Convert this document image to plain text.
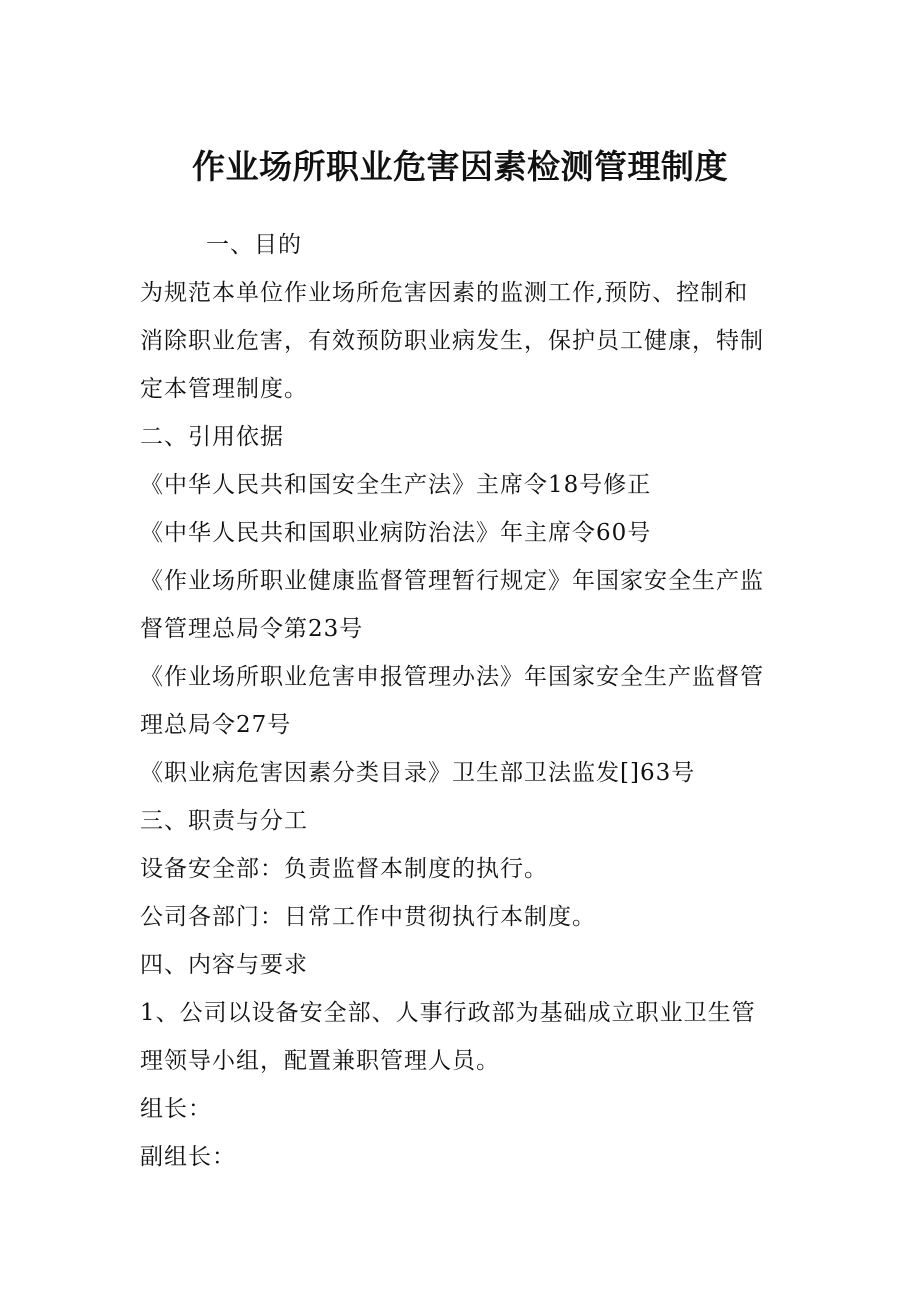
作业场所职业危害因素检测管理制度

一、目的

为规范本单位作业场所危害因素的监测工作,预防、控制和

消除职业危害，有效预防职业病发生，保护员工健康，特制

定本管理制度。

二、引用依据

《中华人民共和国安全生产法》主席令18号修正

《中华人民共和国职业病防治法》年主席令60号

《作业场所职业健康监督管理暂行规定》年国家安全生产监

督管理总局令第23号

《作业场所职业危害申报管理办法》年国家安全生产监督管

理总局令27号

《职业病危害因素分类目录》卫生部卫法监发[]63号

三、职责与分工

设备安全部：负责监督本制度的执行。

公司各部门：日常工作中贯彻执行本制度。

四、内容与要求

1、公司以设备安全部、人事行政部为基础成立职业卫生管

理领导小组，配置兼职管理人员。

组长：

副组长：
